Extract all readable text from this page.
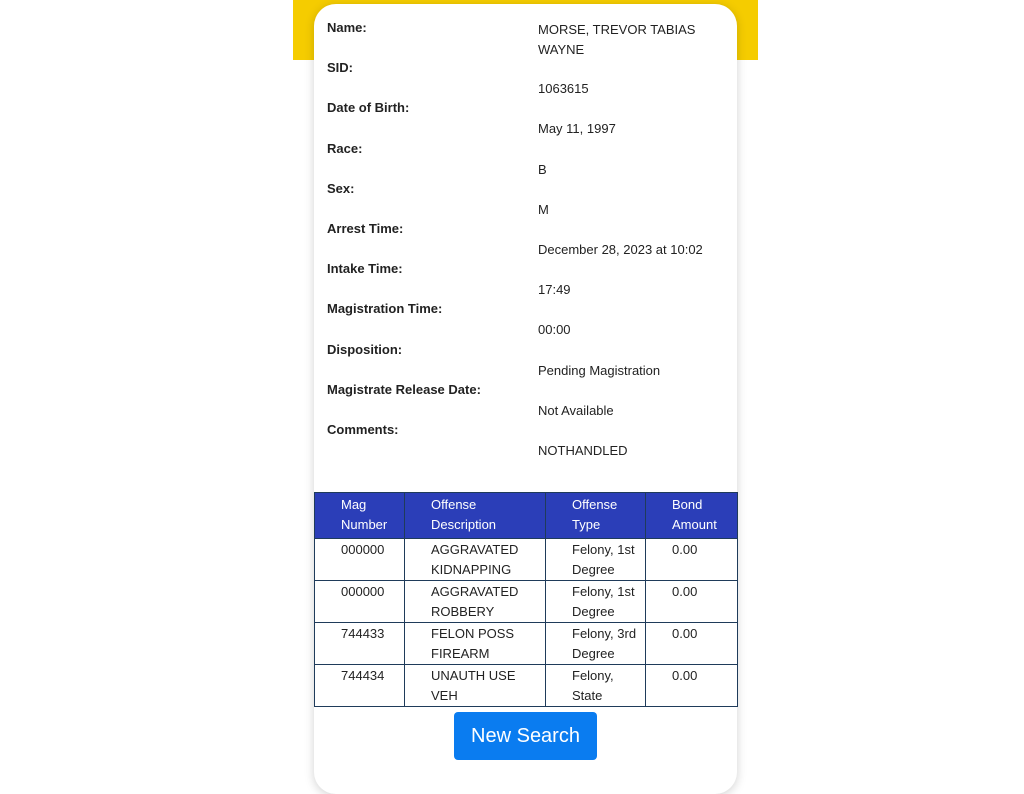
Name:	MORSE, TREVOR TABIAS WAYNE
SID:
1063615
Date of Birth:
May 11, 1997
Race:
B
Sex:
M
Arrest Time:
December 28, 2023 at 10:02
Intake Time:
17:49
Magistration Time:
00:00
Disposition:
Pending Magistration
Magistrate Release Date:
Not Available
Comments:
NOTHANDLED
Mag Number	Offense Description	Offense Type	Bond Amount
000000	AGGRAVATED KIDNAPPING	Felony, 1st Degree	0.00
000000	AGGRAVATED ROBBERY	Felony, 1st Degree	0.00
744433	FELON POSS FIREARM	Felony, 3rd Degree	0.00
744434	UNAUTH USE VEH	Felony, State	0.00
New Search
